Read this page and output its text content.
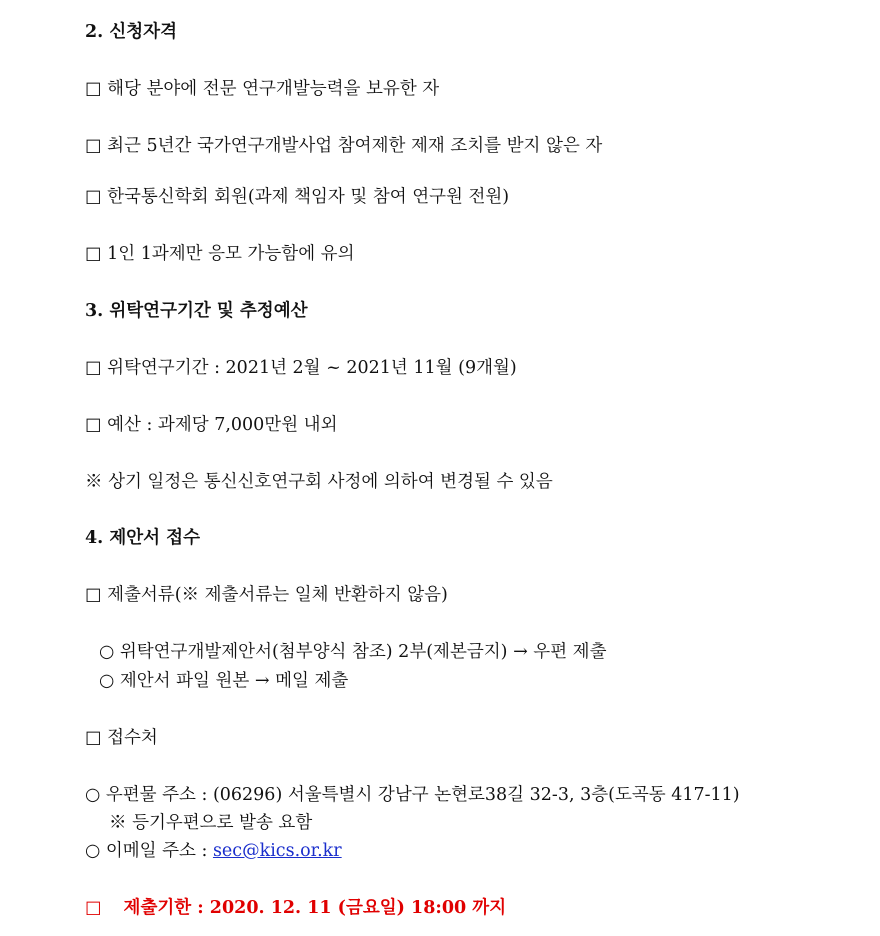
2. 신청자격
□ 해당 분야에 전문 연구개발능력을 보유한 자
□ 최근 5년간 국가연구개발사업 참여제한 제재 조치를 받지 않은 자
□ 한국통신학회 회원(과제 책임자 및 참여 연구원 전원)
□ 1인 1과제만 응모 가능함에 유의
3. 위탁연구기간 및 추정예산
□ 위탁연구기간 : 2021년 2월 ~ 2021년 11월 (9개월)
□ 예산 : 과제당 7,000만원 내외
※ 상기 일정은 통신신호연구회 사정에 의하여 변경될 수 있음
4. 제안서 접수
□ 제출서류(※ 제출서류는 일체 반환하지 않음)
○ 위탁연구개발제안서(첨부양식 참조) 2부(제본금지) → 우편 제출
○ 제안서 파일 원본 → 메일 제출
□ 접수처
○ 우편물 주소 : (06296) 서울특별시 강남구 논현로38길 32-3, 3층(도곡동 417-11)
※ 등기우편으로 발송 요함
○ 이메일 주소 : sec@kics.or.kr
□ 제출기한 : 2020. 12. 11 (금요일) 18:00 까지
